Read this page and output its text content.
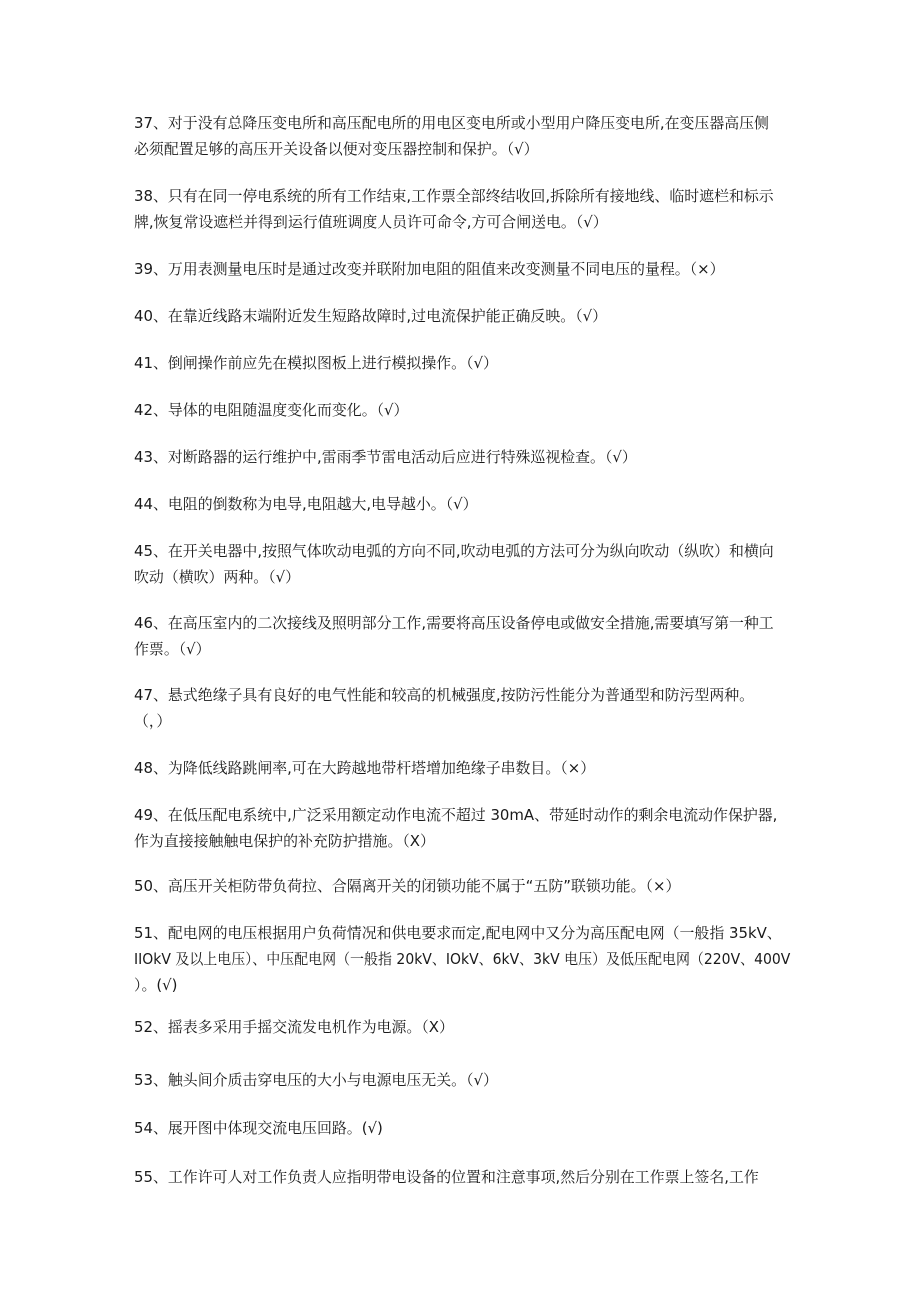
37、对于没有总降压变电所和高压配电所的用电区变电所或小型用户降压变电所,在变压器高压侧
必须配置足够的高压开关设备以便对变压器控制和保护。（√）
38、只有在同一停电系统的所有工作结束,工作票全部终结收回,拆除所有接地线、临时遮栏和标示
牌,恢复常设遮栏并得到运行值班调度人员许可命令,方可合闸送电。（√）
39、万用表测量电压时是通过改变并联附加电阻的阻值来改变测量不同电压的量程。（×）
40、在靠近线路末端附近发生短路故障时,过电流保护能正确反映。（√）
41、倒闸操作前应先在模拟图板上进行模拟操作。（√）
42、导体的电阻随温度变化而变化。（√）
43、对断路器的运行维护中,雷雨季节雷电活动后应进行特殊巡视检查。（√）
44、电阻的倒数称为电导,电阻越大,电导越小。（√）
45、在开关电器中,按照气体吹动电弧的方向不同,吹动电弧的方法可分为纵向吹动（纵吹）和横向
吹动（横吹）两种。（√）
46、在高压室内的二次接线及照明部分工作,需要将高压设备停电或做安全措施,需要填写第一种工
作票。（√）
47、悬式绝缘子具有良好的电气性能和较高的机械强度,按防污性能分为普通型和防污型两种。
（，）
48、为降低线路跳闸率,可在大跨越地带杆塔增加绝缘子串数目。（×）
49、在低压配电系统中,广泛采用额定动作电流不超过 30mA、带延时动作的剩余电流动作保护器,
作为直接接触触电保护的补充防护措施。（X）
50、高压开关柜防带负荷拉、合隔离开关的闭锁功能不属于“五防”联锁功能。（×）
51、配电网的电压根据用户负荷情况和供电要求而定,配电网中又分为高压配电网（一般指 35kV、
IIOkV 及以上电压）、中压配电网（一般指 20kV、IOkV、6kV、3kV 电压）及低压配电网（220V、400V
）。(√)
52、摇表多采用手摇交流发电机作为电源。（X）
53、触头间介质击穿电压的大小与电源电压无关。（√）
54、展开图中体现交流电压回路。(√)
55、工作许可人对工作负责人应指明带电设备的位置和注意事项,然后分别在工作票上签名,工作
